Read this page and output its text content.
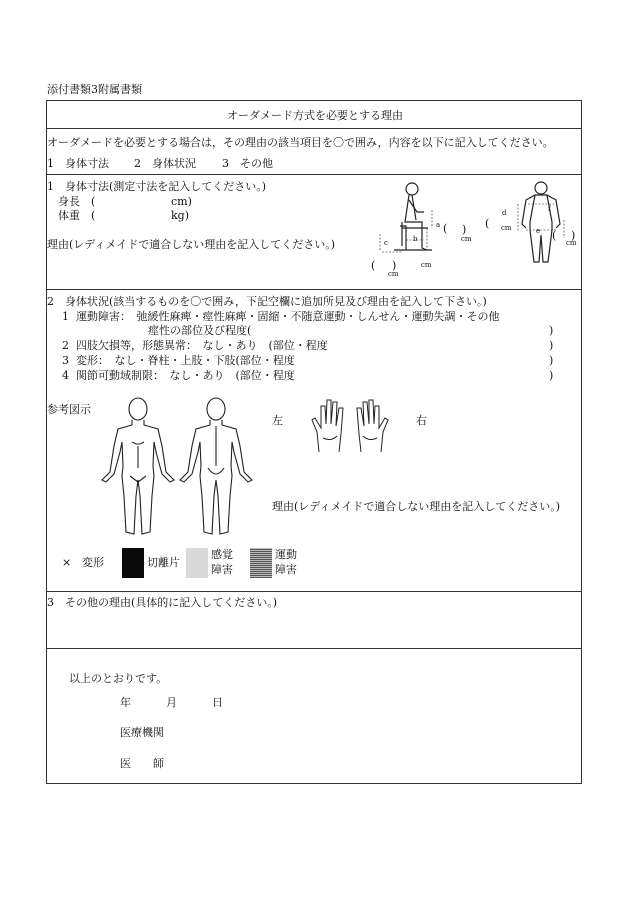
添付書類3附属書類
オーダメード方式を必要とする理由
オーダメードを必要とする場合は，その理由の該当項目を〇で囲み，内容を以下に記入してください。
1　身体寸法 2　身体状況 3　その他
1　身体寸法(測定寸法を記入してください。)
身長　(	cm)
体重　(	kg)
理由(レディメイドで適合しない理由を記入してください。)
a
b
c
)
cm
(
cm
( )
cm
d
e
f
( cm
( )
cm
2　身体状況(該当するものを〇で囲み，下記空欄に追加所見及び理由を記入して下さい。)
1 運動障害：　弛緩性麻痺・痙性麻痺・固縮・不随意運動・しんせん・運動失調・その他
痙性の部位及び程度(	)
2 四肢欠損等，形態異常：　なし・あり　(部位・程度	)
3 変形：　なし・脊柱・上肢・下肢(部位・程度	)
4 関節可動域制限：　なし・あり　(部位・程度	)
参考図示
左	右
理由(レディメイドで適合しない理由を記入してください。)
× 変形	切離片
感覚
障害
運動
障害
3　その他の理由(具体的に記入してください。)
以上のとおりです。
年	月	日
医療機関
医　　師
